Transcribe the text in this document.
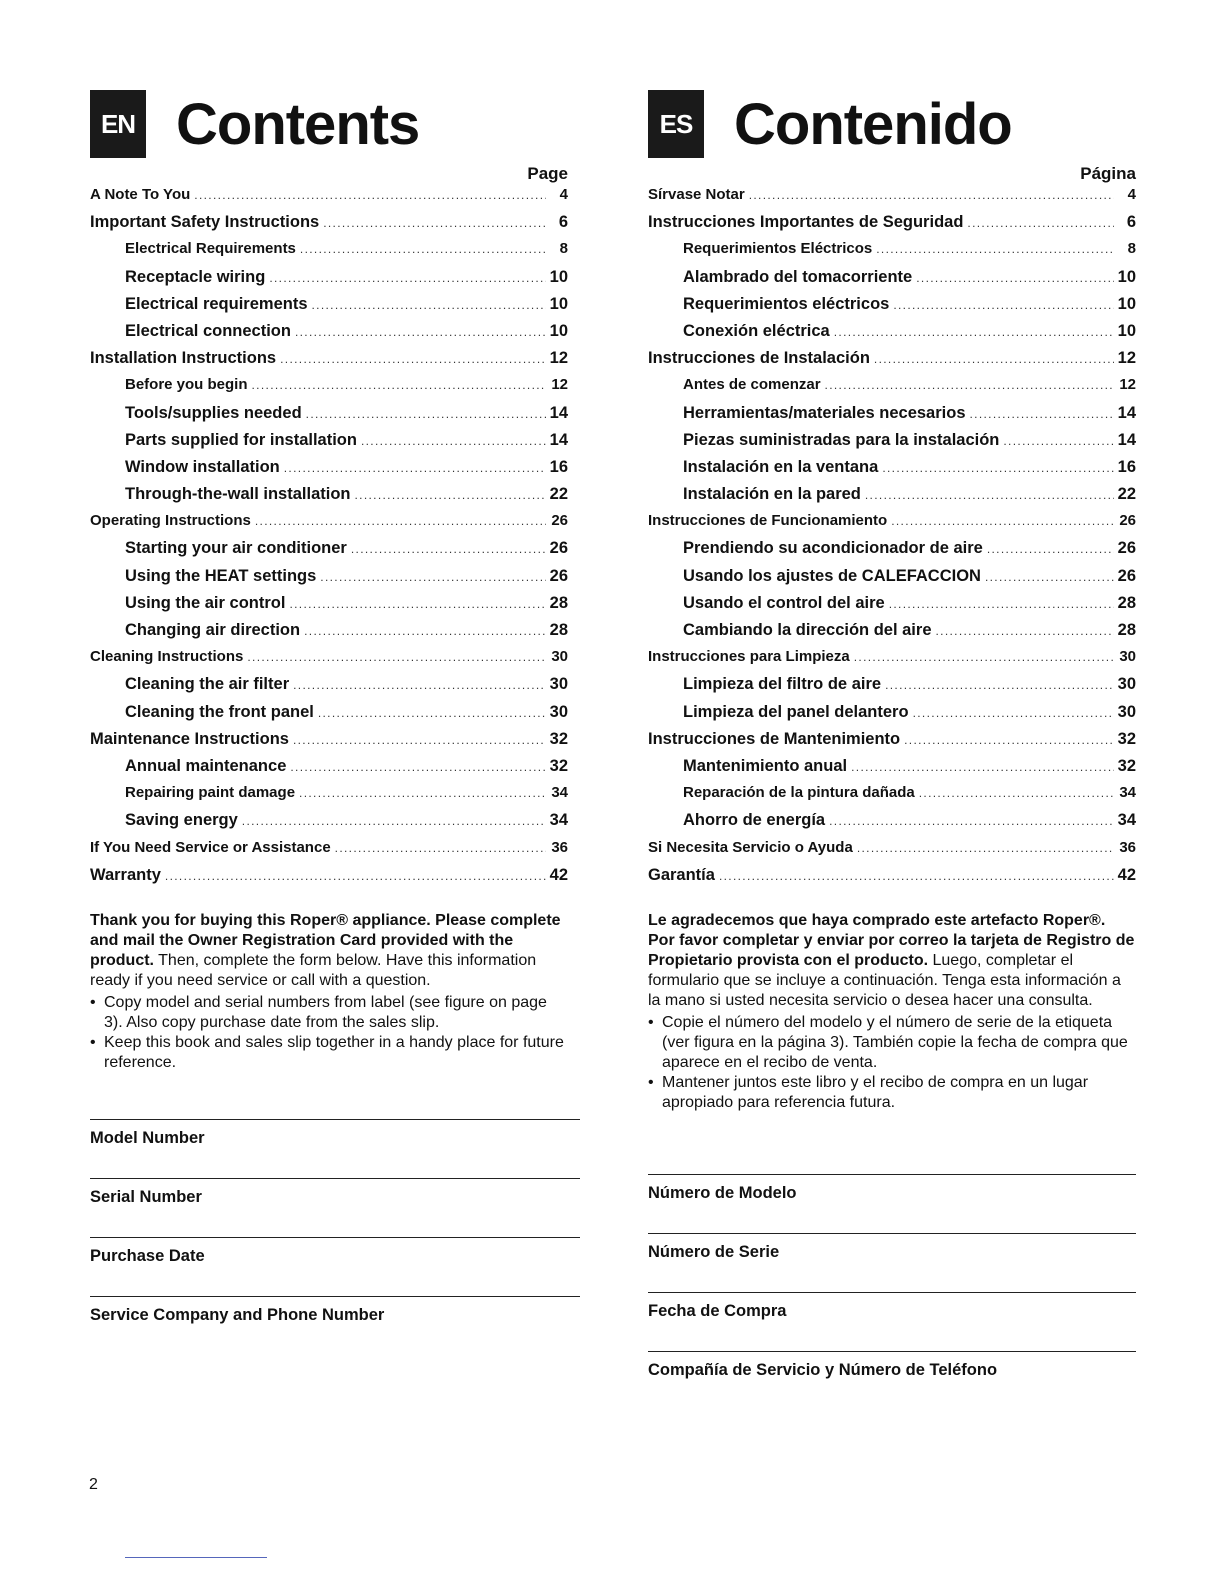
EN Contents
Page
A Note To You . . .	4
Important Safety Instructions . . .	6
Electrical Requirements . . .	8
Receptacle wiring . . .	10
Electrical requirements . . .	10
Electrical connection . . .	10
Installation Instructions . . .	12
Before you begin . . .	12
Tools/supplies needed . . .	14
Parts supplied for installation . . .	14
Window installation . . .	16
Through-the-wall installation . . .	22
Operating Instructions . . .	26
Starting your air conditioner . . .	26
Using the HEAT settings . . .	26
Using the air control . . .	28
Changing air direction . . .	28
Cleaning Instructions . . .	30
Cleaning the air filter . . .	30
Cleaning the front panel . . .	30
Maintenance Instructions . . .	32
Annual maintenance . . .	32
Repairing paint damage . . .	34
Saving energy . . .	34
If You Need Service or Assistance . . .	36
Warranty . . .	42
Thank you for buying this Roper® appliance. Please complete and mail the Owner Registration Card provided with the product. Then, complete the form below. Have this information ready if you need service or call with a question.
• Copy model and serial numbers from label (see figure on page 3). Also copy purchase date from the sales slip.
• Keep this book and sales slip together in a handy place for future reference.
Model Number
Serial Number
Purchase Date
Service Company and Phone Number
ES Contenido
Página
Sírvase Notar . . .	4
Instrucciones Importantes de Seguridad . . .	6
Requerimientos Eléctricos . . .	8
Alambrado del tomacorriente . . .	10
Requerimientos eléctricos . . .	10
Conexión eléctrica . . .	10
Instrucciones de Instalación . . .	12
Antes de comenzar . . .	12
Herramientas/materiales necesarios . . .	14
Piezas suministradas para la instalación . . .	14
Instalación en la ventana . . .	16
Instalación en la pared . . .	22
Instrucciones de Funcionamiento . . .	26
Prendiendo su acondicionador de aire . . .	26
Usando los ajustes de CALEFACCION . . .	26
Usando el control del aire . . .	28
Cambiando la dirección del aire . . .	28
Instrucciones para Limpieza . . .	30
Limpieza del filtro de aire . . .	30
Limpieza del panel delantero . . .	30
Instrucciones de Mantenimiento . . .	32
Mantenimiento anual . . .	32
Reparación de la pintura dañada . . .	34
Ahorro de energía . . .	34
Si Necesita Servicio o Ayuda . . .	36
Garantía . . .	42
Le agradecemos que haya comprado este artefacto Roper®. Por favor completar y enviar por correo la tarjeta de Registro de Propietario provista con el producto. Luego, completar el formulario que se incluye a continuación. Tenga esta información a la mano si usted necesita servicio o desea hacer una consulta.
• Copie el número del modelo y el número de serie de la etiqueta (ver figura en la página 3). También copie la fecha de compra que aparece en el recibo de venta.
• Mantener juntos este libro y el recibo de compra en un lugar apropiado para referencia futura.
Número de Modelo
Número de Serie
Fecha de Compra
Compañía de Servicio y Número de Teléfono
2
